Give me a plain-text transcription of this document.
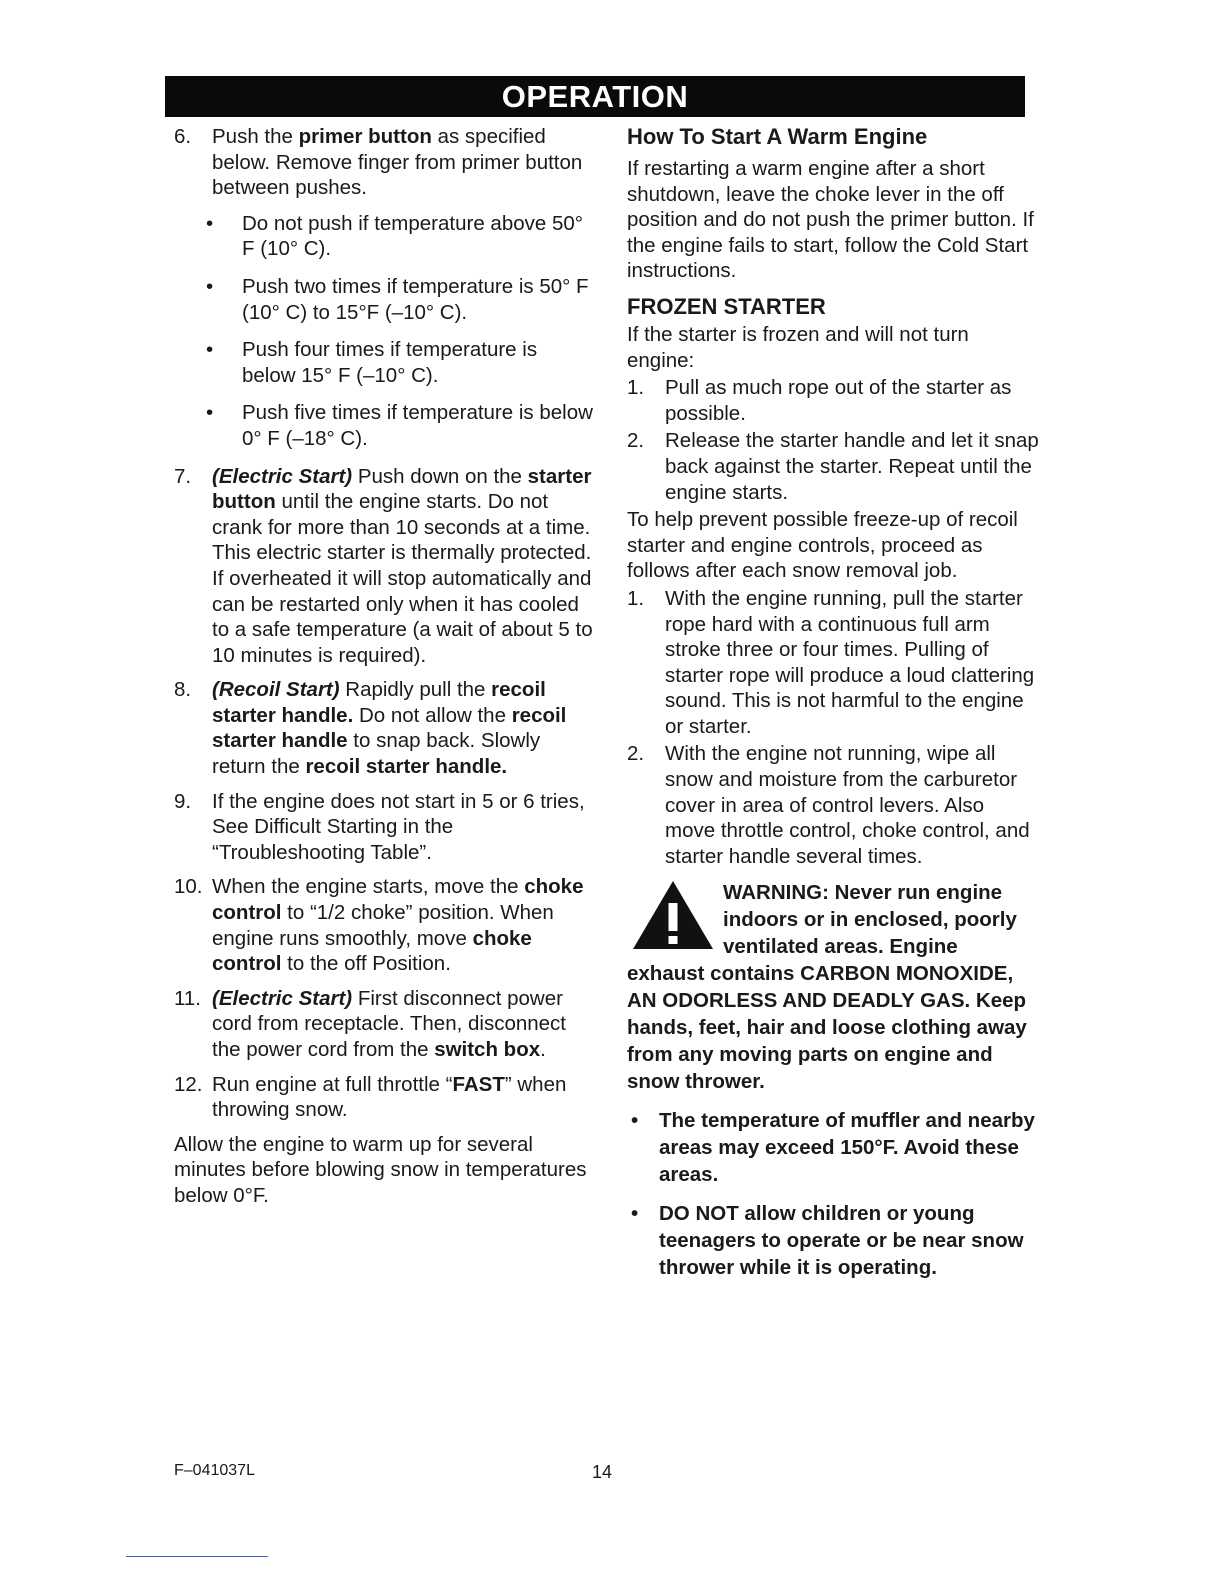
OPERATION
6. Push the primer button as specified below. Remove finger from primer button between pushes.

• Do not push if temperature above 50° F (10° C).
• Push two times if temperature is 50° F (10° C) to 15°F (–10° C).
• Push four times if temperature is below 15° F (–10° C).
• Push five times if temperature is below 0° F (–18° C).
7. (Electric Start) Push down on the starter button until the engine starts. Do not crank for more than 10 seconds at a time. This electric starter is thermally protected. If overheated it will stop automatically and can be restarted only when it has cooled to a safe temperature (a wait of about 5 to 10 minutes is required).

8. (Recoil Start) Rapidly pull the recoil starter handle. Do not allow the recoil starter handle to snap back. Slowly return the recoil starter handle.

9. If the engine does not start in 5 or 6 tries, See Difficult Starting in the “Troubleshooting Table”.

10. When the engine starts, move the choke control to “1/2 choke” position. When engine runs smoothly, move choke control to the off Position.

11. (Electric Start) First disconnect power cord from receptacle. Then, disconnect the power cord from the switch box.

12. Run engine at full throttle “FAST” when throwing snow.

Allow the engine to warm up for several minutes before blowing snow in temperatures below 0°F.

How To Start A Warm Engine

If restarting a warm engine after a short shutdown, leave the choke lever in the off position and do not push the primer button. If the engine fails to start, follow the Cold Start instructions.

FROZEN STARTER

If the starter is frozen and will not turn engine:

1. Pull as much rope out of the starter as possible.
2. Release the starter handle and let it snap back against the starter. Repeat until the engine starts.

To help prevent possible freeze-up of recoil starter and engine controls, proceed as follows after each snow removal job.

1. With the engine running, pull the starter rope hard with a continuous full arm stroke three or four times. Pulling of starter rope will produce a loud clattering sound. This is not harmful to the engine or starter.
2. With the engine not running, wipe all snow and moisture from the carburetor cover in area of control levers. Also move throttle control, choke control, and starter handle several times.
WARNING: Never run engine indoors or in enclosed, poorly ventilated areas. Engine exhaust contains CARBON MONOXIDE, AN ODORLESS AND DEADLY GAS. Keep hands, feet, hair and loose clothing away from any moving parts on engine and snow thrower.
• The temperature of muffler and nearby areas may exceed 150°F. Avoid these areas.
• DO NOT allow children or young teenagers to operate or be near snow thrower while it is operating.
F–041037L	14
